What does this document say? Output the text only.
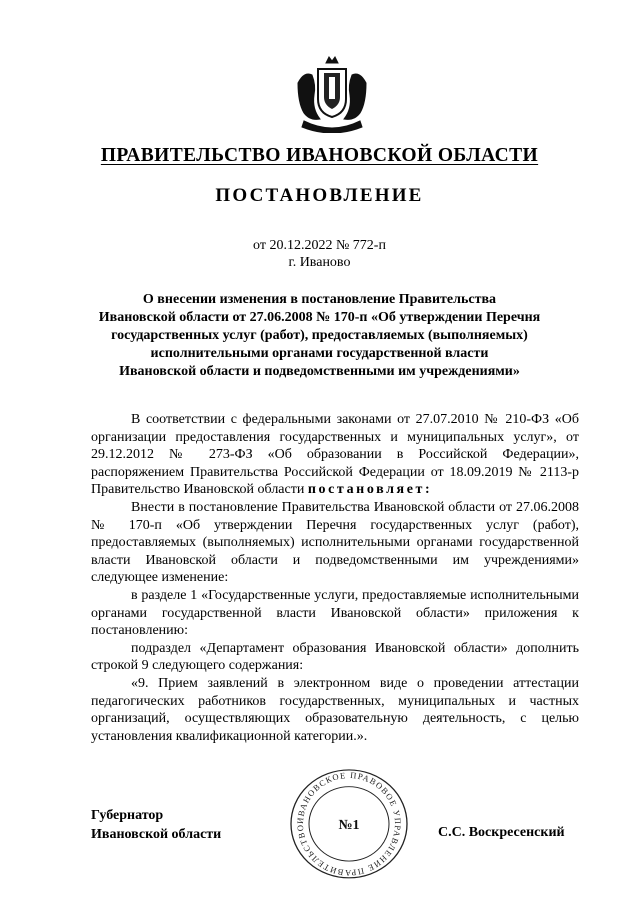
ПРАВИТЕЛЬСТВО ИВАНОВСКОЙ ОБЛАСТИ
ПОСТАНОВЛЕНИЕ
от 20.12.2022 № 772-п
г. Иваново
О внесении изменения в постановление Правительства
Ивановской области от 27.06.2008 № 170-п «Об утверждении Перечня
государственных услуг (работ), предоставляемых (выполняемых)
исполнительными органами государственной власти
Ивановской области и подведомственными им учреждениями»

В соответствии с федеральными законами от 27.07.2010 № 210-ФЗ «Об организации предоставления государственных и муниципальных услуг», от 29.12.2012 № 273-ФЗ «Об образовании в Российской Федерации», распоряжением Правительства Российской Федерации от 18.09.2019 № 2113-р Правительство Ивановской области постановляет:

Внести в постановление Правительства Ивановской области от 27.06.2008 № 170-п «Об утверждении Перечня государственных услуг (работ), предоставляемых (выполняемых) исполнительными органами государственной власти Ивановской области и подведомственными им учреждениями» следующее изменение:

в разделе 1 «Государственные услуги, предоставляемые исполнительными органами государственной власти Ивановской области» приложения к постановлению:

подраздел «Департамент образования Ивановской области» дополнить строкой 9 следующего содержания:

«9. Прием заявлений в электронном виде о проведении аттестации педагогических работников государственных, муниципальных и частных организаций, осуществляющих образовательную деятельность, с целью установления квалификационной категории.».

Губернатор
Ивановской области	С.С. Воскресенский
ИВАНОВСКОЕ ПРАВОВОЕ УПРАВЛЕНИЕ ПРАВИТЕЛЬСТВО	№1
